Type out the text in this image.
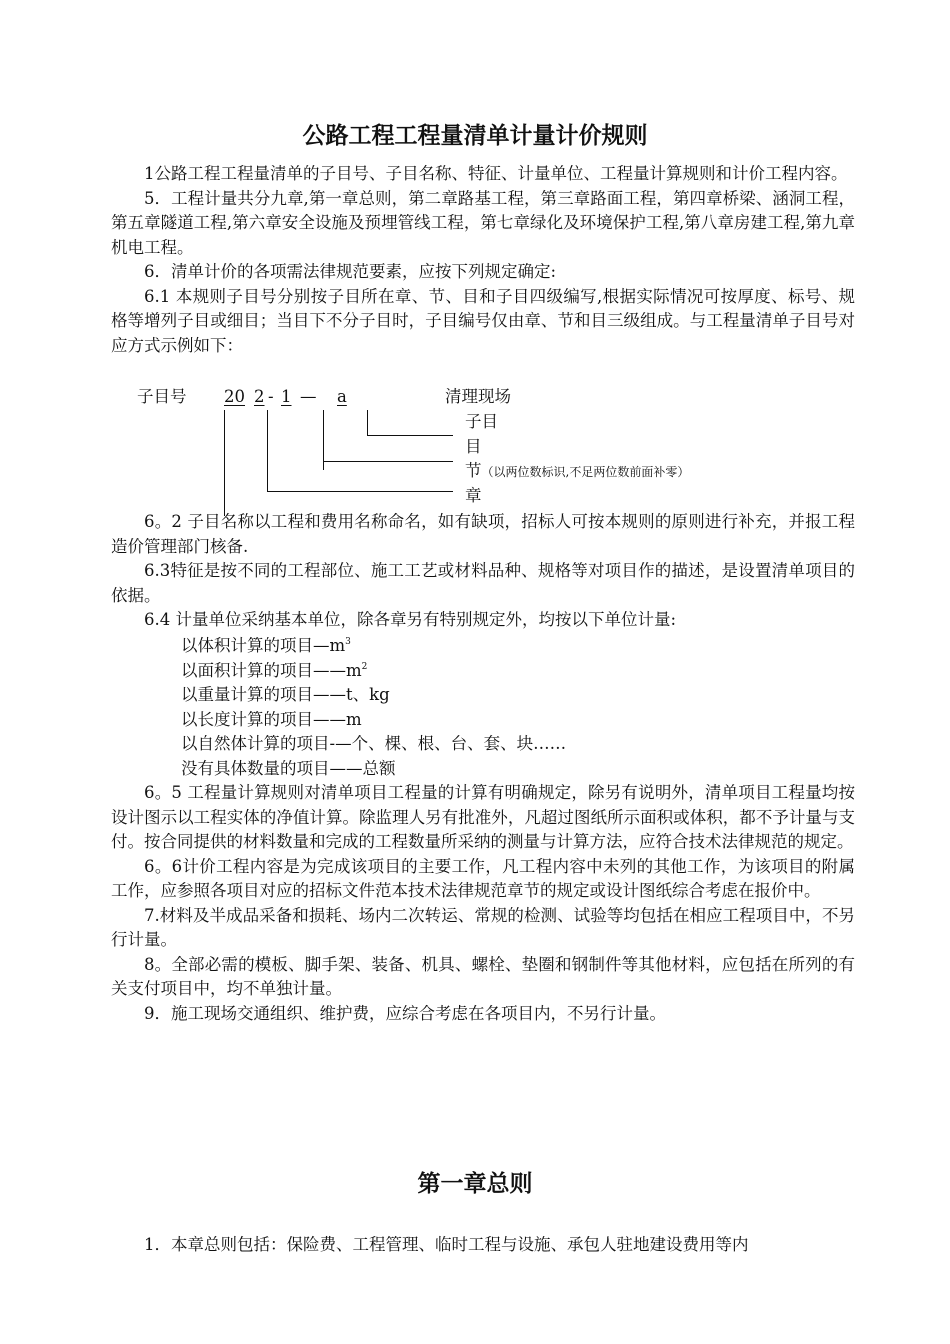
公路工程工程量清单计量计价规则

1公路工程工程量清单的子目号、子目名称、特征、计量单位、工程量计算规则和计价工程内容。

5．工程计量共分九章,第一章总则，第二章路基工程，第三章路面工程，第四章桥梁、涵洞工程，第五章隧道工程,第六章安全设施及预埋管线工程，第七章绿化及环境保护工程,第八章房建工程,第九章机电工程。

6．清单计价的各项需法律规范要素，应按下列规定确定:

6.1 本规则子目号分别按子目所在章、节、目和子目四级编写,根据实际情况可按厚度、标号、规格等增列子目或细目；当目下不分子目时，子目编号仅由章、节和目三级组成。与工程量清单子目号对应方式示例如下：

子目号 20 2 - 1 — a	清理现场
子目
目
节（以两位数标识,不足两位数前面补零）
章

6。2 子目名称以工程和费用名称命名，如有缺项，招标人可按本规则的原则进行补充，并报工程造价管理部门核备.

6.3特征是按不同的工程部位、施工工艺或材料品种、规格等对项目作的描述，是设置清单项目的依据。

6.4 计量单位采纳基本单位，除各章另有特别规定外，均按以下单位计量:

以体积计算的项目$—m^3$
以面积计算的项目$——m^2$
以重量计算的项目——t、kg
以长度计算的项目——m
以自然体计算的项目-—个、棵、根、台、套、块……
没有具体数量的项目——总额

6。5 工程量计算规则对清单项目工程量的计算有明确规定，除另有说明外，清单项目工程量均按设计图示以工程实体的净值计算。除监理人另有批准外，凡超过图纸所示面积或体积，都不予计量与支付。按合同提供的材料数量和完成的工程数量所采纳的测量与计算方法，应符合技术法律规范的规定。

6。6计价工程内容是为完成该项目的主要工作，凡工程内容中未列的其他工作，为该项目的附属工作，应参照各项目对应的招标文件范本技术法律规范章节的规定或设计图纸综合考虑在报价中。

7.材料及半成品采备和损耗、场内二次转运、常规的检测、试验等均包括在相应工程项目中，不另行计量。

8。全部必需的模板、脚手架、装备、机具、螺栓、垫圈和钢制件等其他材料，应包括在所列的有关支付项目中，均不单独计量。

9．施工现场交通组织、维护费，应综合考虑在各项目内，不另行计量。

第一章总则

1．本章总则包括：保险费、工程管理、临时工程与设施、承包人驻地建设费用等内
